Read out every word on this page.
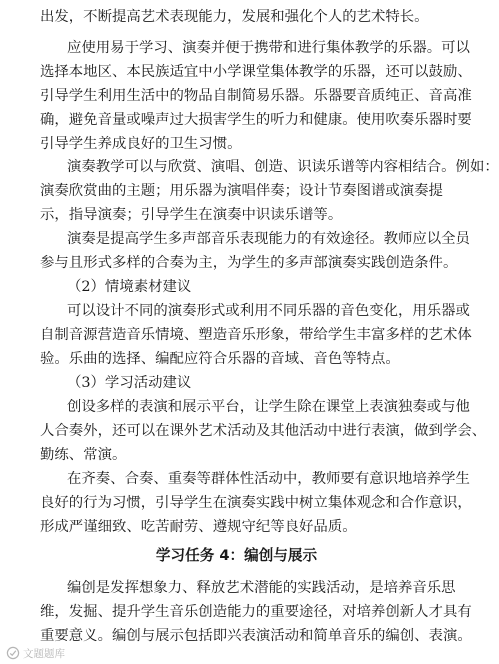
出发，不断提高艺术表现能力，发展和强化个人的艺术特长。
应使用易于学习、演奏并便于携带和进行集体教学的乐器。可以
选择本地区、本民族适宜中小学课堂集体教学的乐器，还可以鼓励、
引导学生利用生活中的物品自制简易乐器。乐器要音质纯正、音高准
确，避免音量或噪声过大损害学生的听力和健康。使用吹奏乐器时要
引导学生养成良好的卫生习惯。
演奏教学可以与欣赏、演唱、创造、识读乐谱等内容相结合。例如：
演奏欣赏曲的主题；用乐器为演唱伴奏；设计节奏图谱或演奏提
示，指导演奏；引导学生在演奏中识读乐谱等。
演奏是提高学生多声部音乐表现能力的有效途径。教师应以全员
参与且形式多样的合奏为主，为学生的多声部演奏实践创造条件。
（2）情境素材建议
可以设计不同的演奏形式或利用不同乐器的音色变化，用乐器或
自制音源营造音乐情境、塑造音乐形象，带给学生丰富多样的艺术体
验。乐曲的选择、编配应符合乐器的音域、音色等特点。
（3）学习活动建议
创设多样的表演和展示平台，让学生除在课堂上表演独奏或与他
人合奏外，还可以在课外艺术活动及其他活动中进行表演，做到学会、
勤练、常演。
在齐奏、合奏、重奏等群体性活动中，教师要有意识地培养学生
良好的行为习惯，引导学生在演奏实践中树立集体观念和合作意识，
形成严谨细致、吃苦耐劳、遵规守纪等良好品质。
学习任务 4：编创与展示
编创是发挥想象力、释放艺术潜能的实践活动，是培养音乐思
维，发掘、提升学生音乐创造能力的重要途径，对培养创新人才具有
重要意义。编创与展示包括即兴表演活动和简单音乐的编创、表演。
文题题库
